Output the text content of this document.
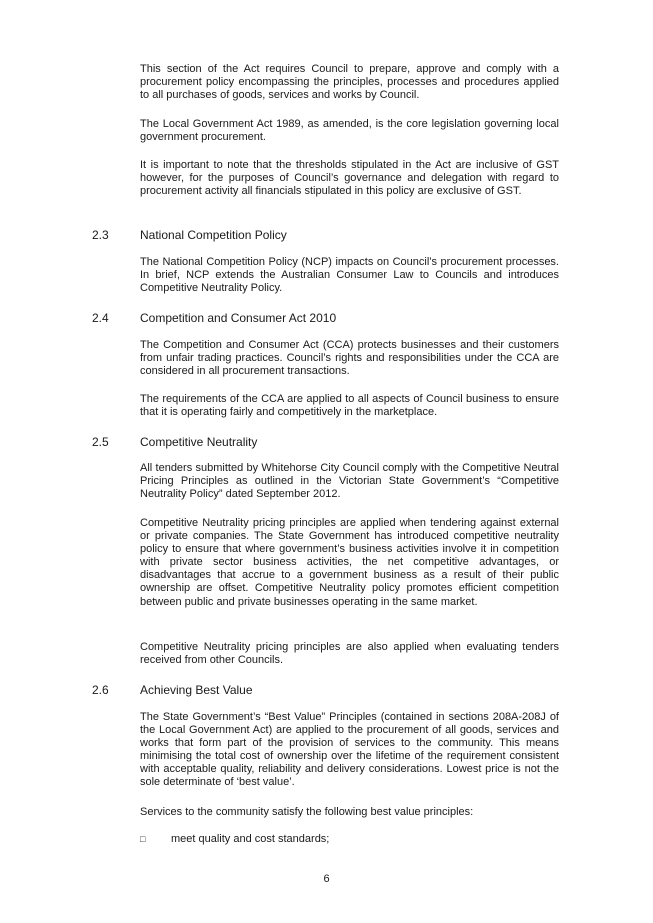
This section of the Act requires Council to prepare, approve and comply with a procurement policy encompassing the principles, processes and procedures applied to all purchases of goods, services and works by Council.

The Local Government Act 1989, as amended, is the core legislation governing local government procurement.

It is important to note that the thresholds stipulated in the Act are inclusive of GST however, for the purposes of Council’s governance and delegation with regard to procurement activity all financials stipulated in this policy are exclusive of GST.

2.3	National Competition Policy

The National Competition Policy (NCP) impacts on Council’s procurement processes. In brief, NCP extends the Australian Consumer Law to Councils and introduces Competitive Neutrality Policy.

2.4	Competition and Consumer Act 2010

The Competition and Consumer Act (CCA) protects businesses and their customers from unfair trading practices. Council’s rights and responsibilities under the CCA are considered in all procurement transactions.

The requirements of the CCA are applied to all aspects of Council business to ensure that it is operating fairly and competitively in the marketplace.

2.5	Competitive Neutrality

All tenders submitted by Whitehorse City Council comply with the Competitive Neutral Pricing Principles as outlined in the Victorian State Government’s “Competitive Neutrality Policy” dated September 2012.

Competitive Neutrality pricing principles are applied when tendering against external or private companies. The State Government has introduced competitive neutrality policy to ensure that where government’s business activities involve it in competition with private sector business activities, the net competitive advantages, or disadvantages that accrue to a government business as a result of their public ownership are offset. Competitive Neutrality policy promotes efficient competition between public and private businesses operating in the same market.

Competitive Neutrality pricing principles are also applied when evaluating tenders received from other Councils.

2.6	Achieving Best Value

The State Government’s “Best Value” Principles (contained in sections 208A-208J of the Local Government Act) are applied to the procurement of all goods, services and works that form part of the provision of services to the community. This means minimising the total cost of ownership over the lifetime of the requirement consistent with acceptable quality, reliability and delivery considerations. Lowest price is not the sole determinate of ‘best value’.

Services to the community satisfy the following best value principles:

□ meet quality and cost standards;
6
